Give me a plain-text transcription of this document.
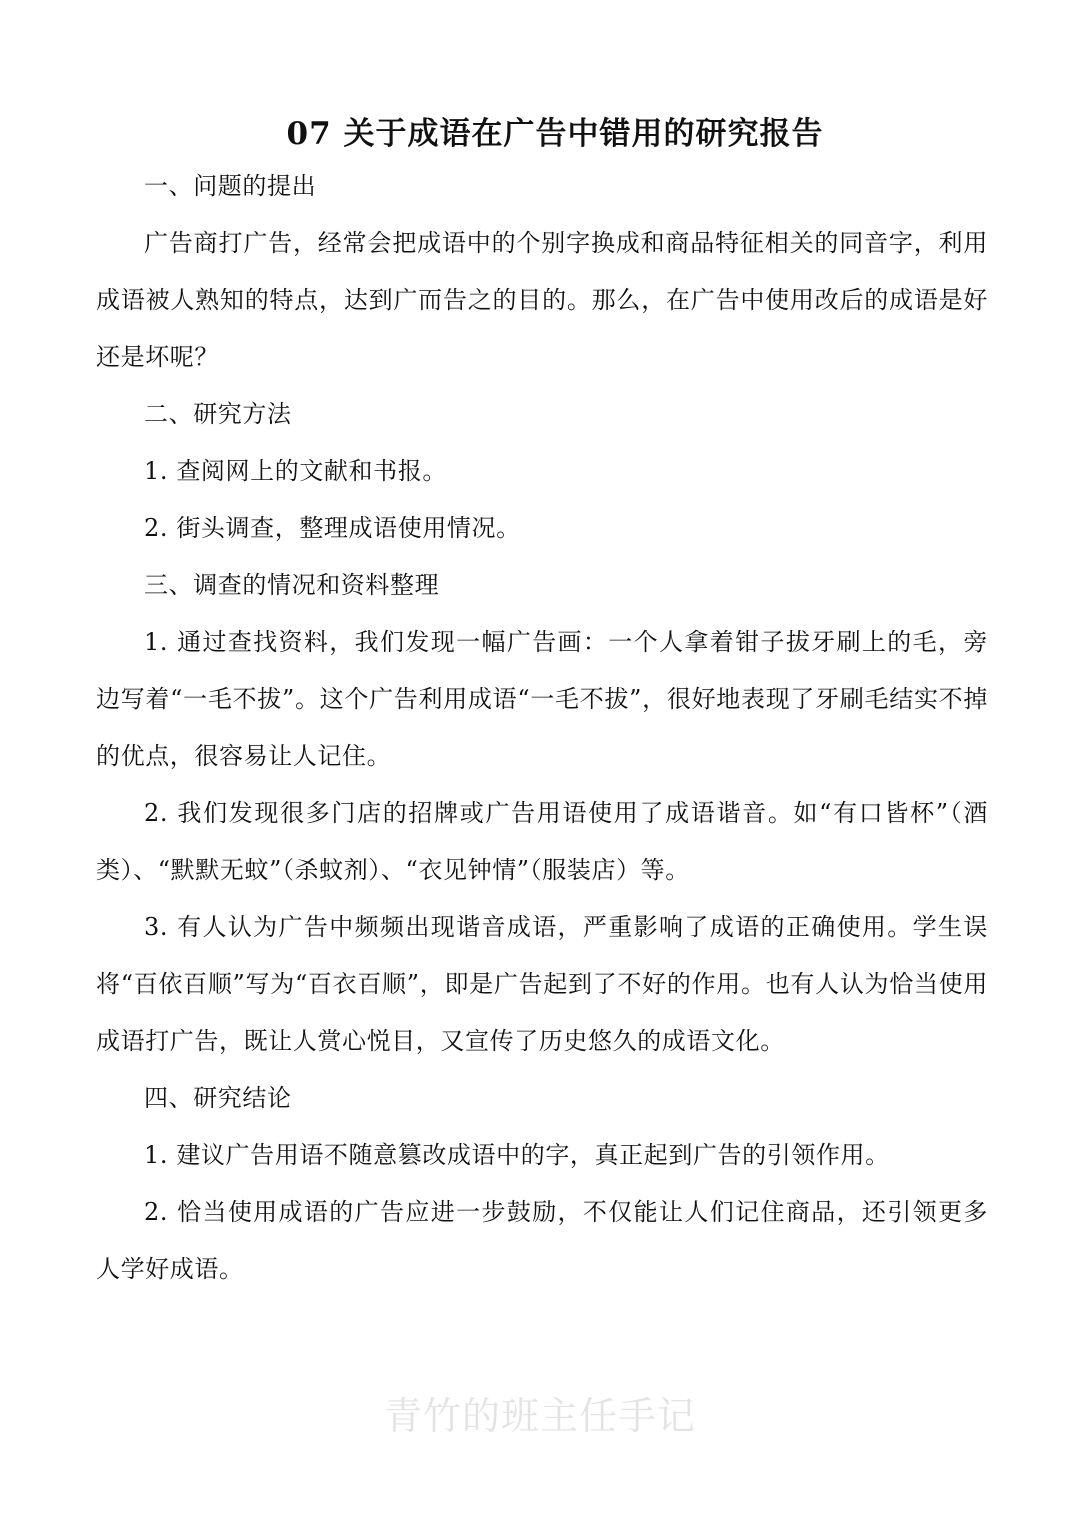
07 关于成语在广告中错用的研究报告

一、问题的提出

广告商打广告，经常会把成语中的个别字换成和商品特征相关的同音字，利用成语被人熟知的特点，达到广而告之的目的。那么，在广告中使用改后的成语是好还是坏呢？

二、研究方法

1. 查阅网上的文献和书报。

2. 街头调查，整理成语使用情况。

三、调查的情况和资料整理

1. 通过查找资料，我们发现一幅广告画：一个人拿着钳子拔牙刷上的毛，旁边写着“一毛不拔”。这个广告利用成语“一毛不拔”，很好地表现了牙刷毛结实不掉的优点，很容易让人记住。

2. 我们发现很多门店的招牌或广告用语使用了成语谐音。如“有口皆杯”（酒类）、“默默无蚊”（杀蚊剂）、“衣见钟情”（服装店）等。

3. 有人认为广告中频频出现谐音成语，严重影响了成语的正确使用。学生误将“百依百顺”写为“百衣百顺”，即是广告起到了不好的作用。也有人认为恰当使用成语打广告，既让人赏心悦目，又宣传了历史悠久的成语文化。

四、研究结论

1. 建议广告用语不随意篡改成语中的字，真正起到广告的引领作用。

2. 恰当使用成语的广告应进一步鼓励，不仅能让人们记住商品，还引领更多人学好成语。

青竹的班主任手记
